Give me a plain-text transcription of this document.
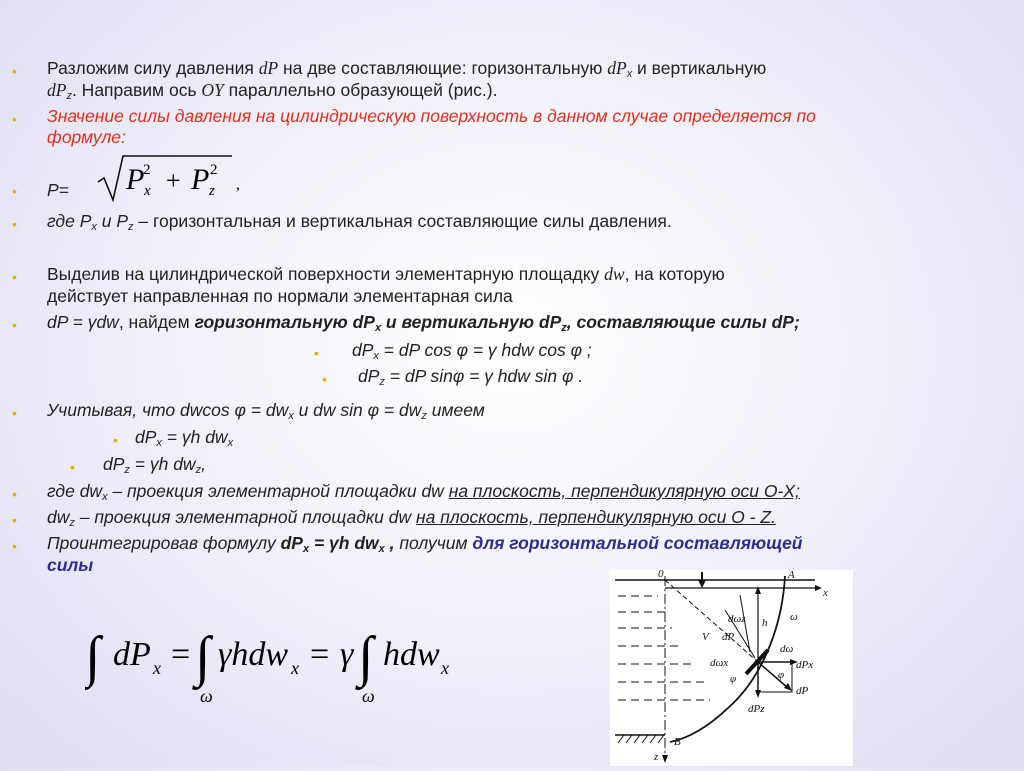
• Разложим силу давления dP на две составляющие: горизонтальную $dP_x$ и вертикальную
$dP_z$. Направим ось OY параллельно образующей (рис.).
• Значение силы давления на цилиндрическую поверхность в данном случае определяется по
формуле:
• P= P x
2 + P z
2
,
• где $P_x$ и $P_z$ – горизонтальная и вертикальная составляющие силы давления.
• Выделив на цилиндрической поверхности элементарную площадку dw, на которую
действует направленная по нормали элементарная сила
• dP = γdw, найдем горизонтальную $dP_x$ и вертикальную $dP_z$, составляющие силы dP;
• $dP_x$ = dP cos φ = γ hdw cos φ ;
• $dP_z$ = dP sinφ = γ hdw sin φ .
• Учитывая, что dwcos $\varphi = dw_x$ и dw $\sin \varphi = dw_z$ имеем
• $dP_x = \gamma h$ $dw_x$
• $dP_z = \gamma h$ $dw_z$,
• где $dw_x$ – проекция элементарной площадки dw на плоскость, перпендикулярную оси O-X;
• $dw_z$ – проекция элементарной площадки dw на плоскость, перпендикулярную оси O - Z.
• Проинтегрировав формулу $dP_x = \gamma h$ $dw_x$ , получим для горизонтальной составляющей
силы
∫ dP x = ∫
ω
γhdw x = γ ∫
ω
hdw x
0	A
x
dωz h ω
dP
V
dωx
dω
dPx
φ	φ
dP
dPz
B
z
